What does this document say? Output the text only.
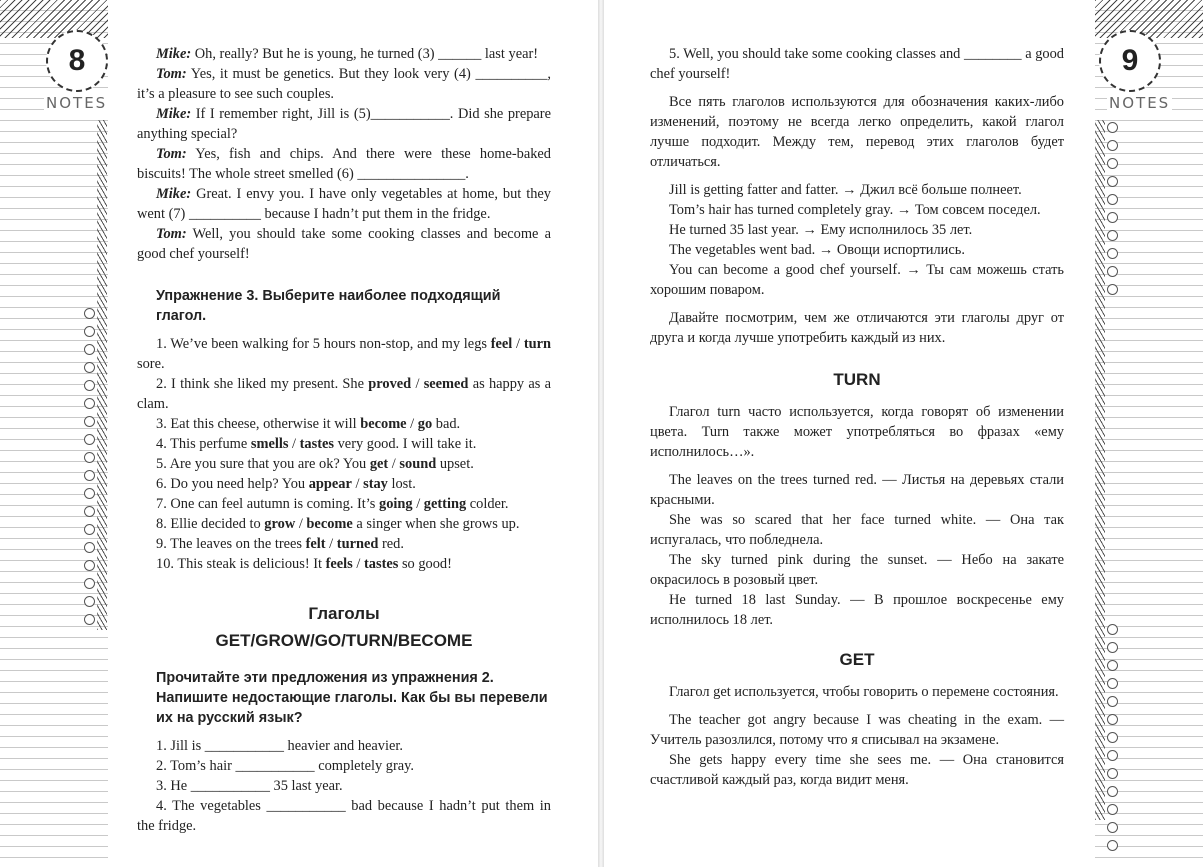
8
NOTES

Mike: Oh, really? But he is young, he turned (3) ______ last year!

Tom: Yes, it must be genetics. But they look very (4) __________, it’s a pleasure to see such couples.

Mike: If I remember right, Jill is (5)___________. Did she prepare anything special?

Tom: Yes, fish and chips. And there were these home-baked biscuits! The whole street smelled (6) _______________.

Mike: Great. I envy you. I have only vegetables at home, but they went (7) __________ because I hadn’t put them in the fridge.

Tom: Well, you should take some cooking classes and become a good chef yourself!

Упражнение 3. Выберите наиболее подходящий глагол.

1. We’ve been walking for 5 hours non-stop, and my legs feel / turn sore.

2. I think she liked my present. She proved / seemed as happy as a clam.

3. Eat this cheese, otherwise it will become / go bad.

4. This perfume smells / tastes very good. I will take it.

5. Are you sure that you are ok? You get / sound upset.

6. Do you need help? You appear / stay lost.

7. One can feel autumn is coming. It’s going / getting colder.

8. Ellie decided to grow / become a singer when she grows up.

9. The leaves on the trees felt / turned red.

10. This steak is delicious! It feels / tastes so good!

Глаголы

GET/GROW/GO/TURN/BECOME

Прочитайте эти предложения из упражнения 2. Напишите недостающие глаголы. Как бы вы перевели их на русский язык?

1. Jill is ___________ heavier and heavier.

2. Tom’s hair ___________ completely gray.

3. He ___________ 35 last year.

4. The vegetables ___________ bad because I hadn’t put them in the fridge.

9
NOTES

5. Well, you should take some cooking classes and ________ a good chef yourself!

Все пять глаголов используются для обозначения каких-либо изменений, поэтому не всегда легко определить, какой глагол лучше подходит. Между тем, перевод этих глаголов будет отличаться.

Jill is getting fatter and fatter. → Джил всё больше полнеет.

Tom’s hair has turned completely gray. → Том совсем поседел.

He turned 35 last year. → Ему исполнилось 35 лет.

The vegetables went bad. → Овощи испортились.

You can become a good chef yourself. → Ты сам можешь стать хорошим поваром.

Давайте посмотрим, чем же отличаются эти глаголы друг от друга и когда лучше употребить каждый из них.

TURN

Глагол turn часто используется, когда говорят об изменении цвета. Turn также может употребляться во фразах «ему исполнилось…».

The leaves on the trees turned red. — Листья на деревьях стали красными.

She was so scared that her face turned white. — Она так испугалась, что побледнела.

The sky turned pink during the sunset. — Небо на закате окрасилось в розовый цвет.

He turned 18 last Sunday. — В прошлое воскресенье ему исполнилось 18 лет.

GET

Глагол get используется, чтобы говорить о перемене состояния.

The teacher got angry because I was cheating in the exam. — Учитель разозлился, потому что я списывал на экзамене.

She gets happy every time she sees me. — Она становится счастливой каждый раз, когда видит меня.
